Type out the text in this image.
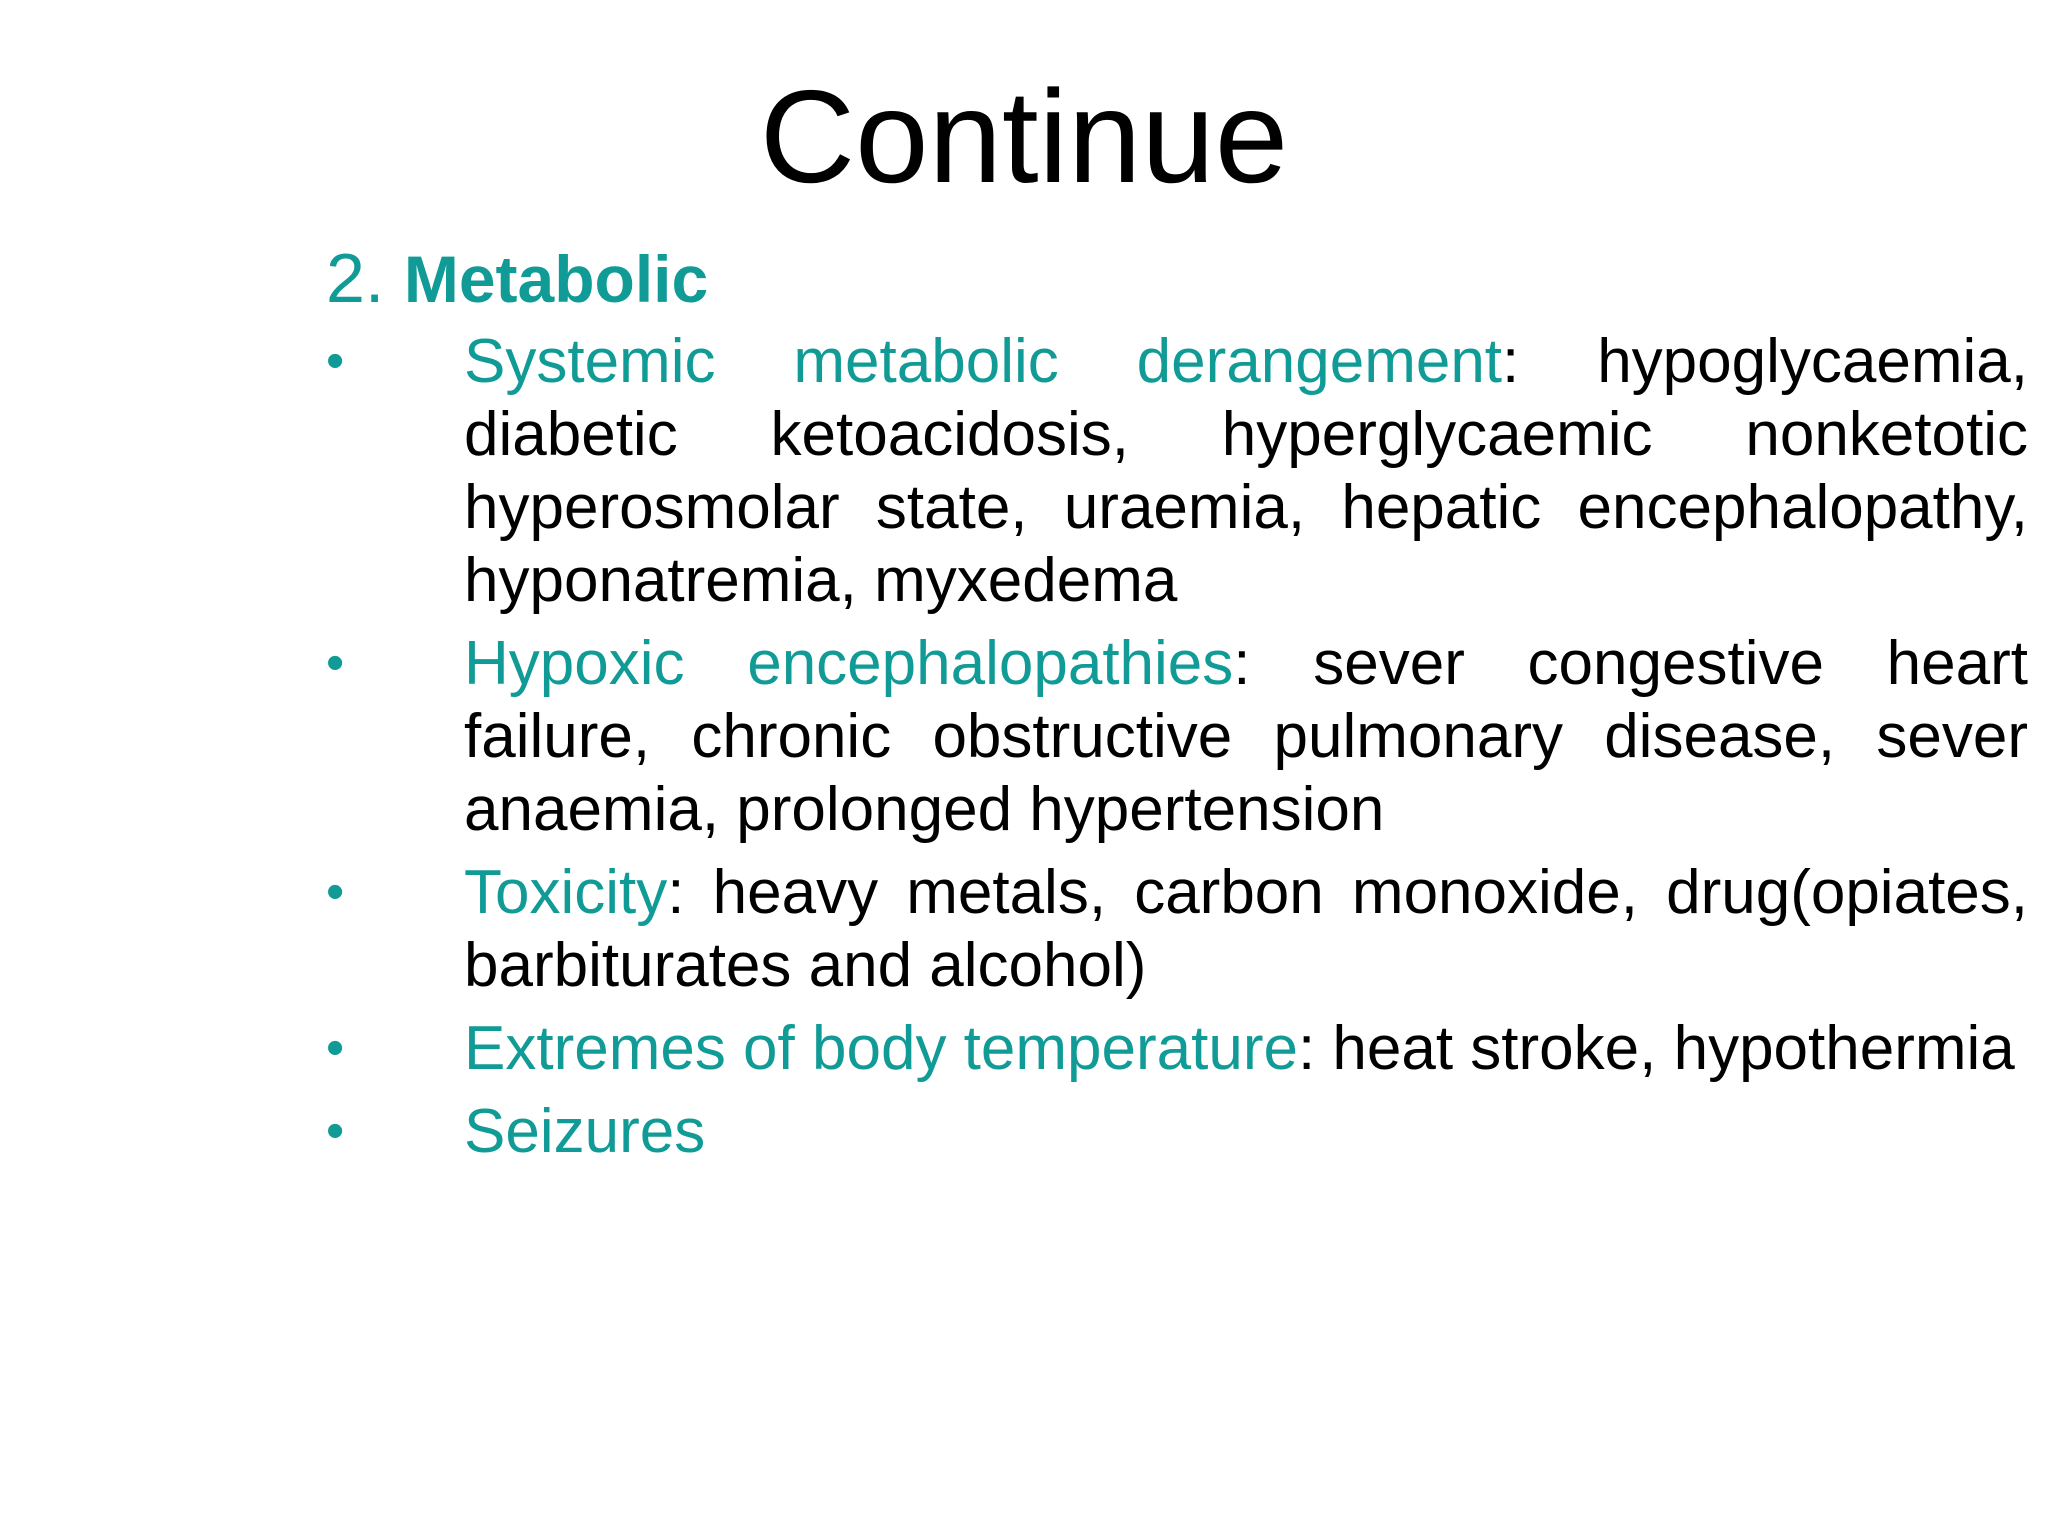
Continue
2. Metabolic
• Systemic metabolic derangement: hypoglycaemia, diabetic ketoacidosis, hyperglycaemic nonketotic hyperosmolar state, uraemia, hepatic encephalopathy, hyponatremia, myxedema
• Hypoxic encephalopathies: sever congestive heart failure, chronic obstructive pulmonary disease, sever anaemia, prolonged hypertension
• Toxicity: heavy metals, carbon monoxide, drug(opiates, barbiturates and alcohol)
• Extremes of body temperature: heat stroke, hypothermia
• Seizures
